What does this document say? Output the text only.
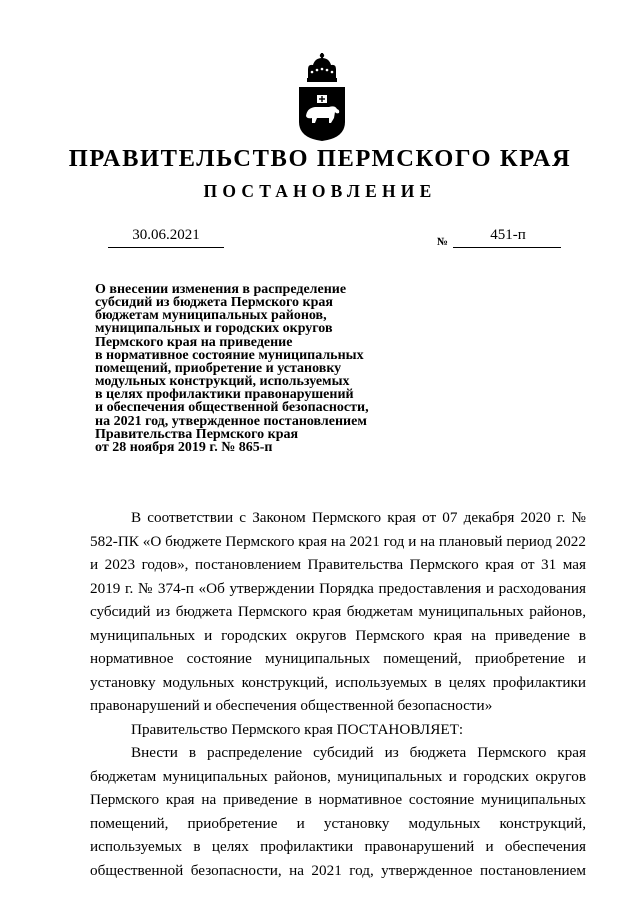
ПРАВИТЕЛЬСТВО ПЕРМСКОГО КРАЯ
ПОСТАНОВЛЕНИЕ
30.06.2021	№	451-п
О внесении изменения в распределение
субсидий из бюджета Пермского края
бюджетам муниципальных районов,
муниципальных и городских округов
Пермского края на приведение
в нормативное состояние муниципальных
помещений, приобретение и установку
модульных конструкций, используемых
в целях профилактики правонарушений
и обеспечения общественной безопасности,
на 2021 год, утвержденное постановлением
Правительства Пермского края
от 28 ноября 2019 г. № 865-п

В соответствии с Законом Пермского края от 07 декабря 2020 г. № 582-ПК «О бюджете Пермского края на 2021 год и на плановый период 2022 и 2023 годов», постановлением Правительства Пермского края от 31 мая 2019 г. № 374-п «Об утверждении Порядка предоставления и расходования субсидий из бюджета Пермского края бюджетам муниципальных районов, муниципальных и городских округов Пермского края на приведение в нормативное состояние муниципальных помещений, приобретение и установку модульных конструкций, используемых в целях профилактики правонарушений и обеспечения общественной безопасности»

Правительство Пермского края ПОСТАНОВЛЯЕТ:

Внести в распределение субсидий из бюджета Пермского края бюджетам муниципальных районов, муниципальных и городских округов Пермского края на приведение в нормативное состояние муниципальных помещений, приобретение и установку модульных конструкций, используемых в целях профилактики правонарушений и обеспечения общественной безопасности, на 2021 год, утвержденное постановлением
